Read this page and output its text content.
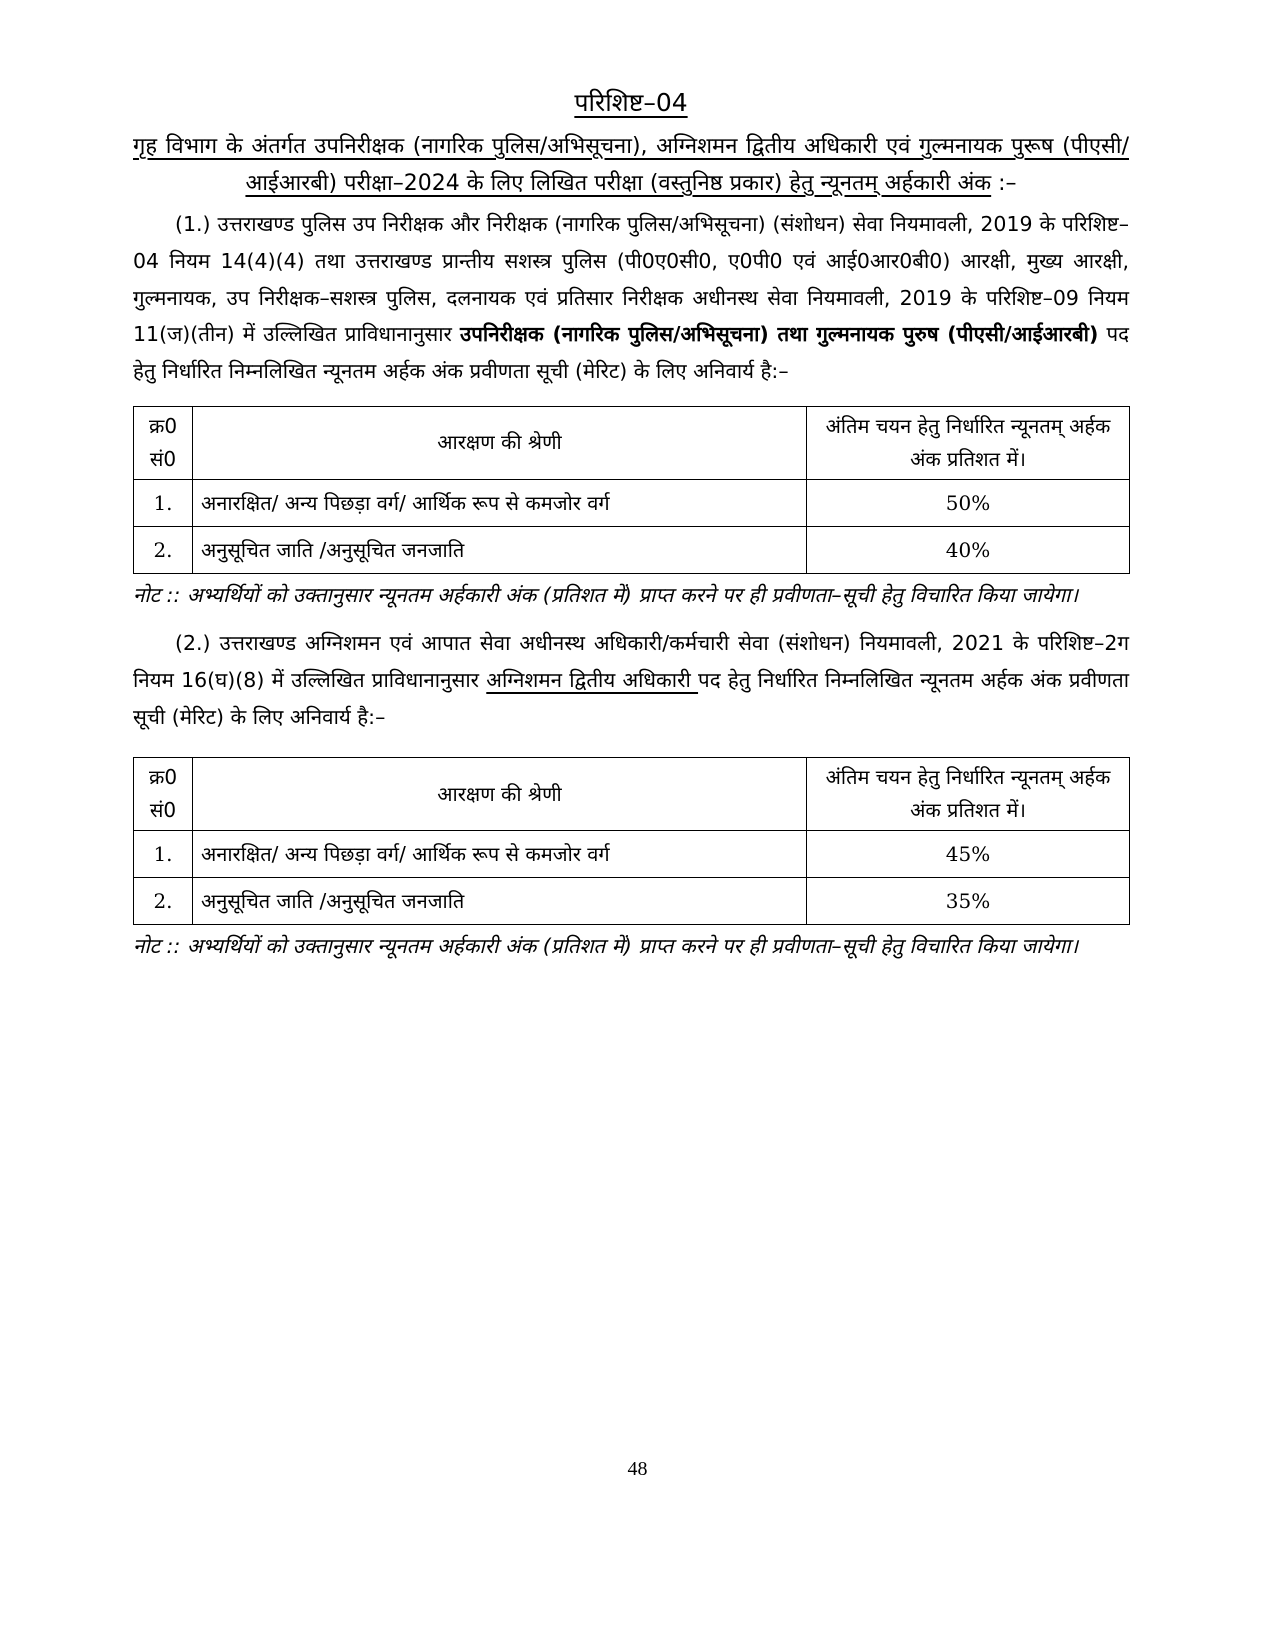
परिशिष्ट–04

गृह विभाग के अंतर्गत उपनिरीक्षक (नागरिक पुलिस/अभिसूचना), अग्निशमन द्वितीय अधिकारी एवं गुल्मनायक पुरूष (पीएसी/आईआरबी) परीक्षा–2024 के लिए लिखित परीक्षा (वस्तुनिष्ठ प्रकार) हेतु न्यूनतम् अर्हकारी अंक :–

(1.) उत्तराखण्ड पुलिस उप निरीक्षक और निरीक्षक (नागरिक पुलिस/अभिसूचना) (संशोधन) सेवा नियमावली, 2019 के परिशिष्ट–04 नियम 14(4)(4) तथा उत्तराखण्ड प्रान्तीय सशस्त्र पुलिस (पी0ए0सी0, ए0पी0 एवं आई0आर0बी0) आरक्षी, मुख्य आरक्षी, गुल्मनायक, उप निरीक्षक–सशस्त्र पुलिस, दलनायक एवं प्रतिसार निरीक्षक अधीनस्थ सेवा नियमावली, 2019 के परिशिष्ट–09 नियम 11(ज)(तीन) में उल्लिखित प्राविधानानुसार उपनिरीक्षक (नागरिक पुलिस/अभिसूचना) तथा गुल्मनायक पुरुष (पीएसी/आईआरबी) पद हेतु निर्धारित निम्नलिखित न्यूनतम अर्हक अंक प्रवीणता सूची (मेरिट) के लिए अनिवार्य है:–

क्र0 सं0	आरक्षण की श्रेणी	अंतिम चयन हेतु निर्धारित न्यूनतम् अर्हक अंक प्रतिशत में।
1.	अनारक्षित/ अन्य पिछड़ा वर्ग/ आर्थिक रूप से कमजोर वर्ग	50%
2.	अनुसूचित जाति /अनुसूचित जनजाति	40%

नोट :: अभ्यर्थियों को उक्तानुसार न्यूनतम अर्हकारी अंक (प्रतिशत में) प्राप्त करने पर ही प्रवीणता–सूची हेतु विचारित किया जायेगा।

(2.) उत्तराखण्ड अग्निशमन एवं आपात सेवा अधीनस्थ अधिकारी/कर्मचारी सेवा (संशोधन) नियमावली, 2021 के परिशिष्ट–2ग नियम 16(घ)(8) में उल्लिखित प्राविधानानुसार अग्निशमन द्वितीय अधिकारी पद हेतु निर्धारित निम्नलिखित न्यूनतम अर्हक अंक प्रवीणता सूची (मेरिट) के लिए अनिवार्य है:–

क्र0 सं0	आरक्षण की श्रेणी	अंतिम चयन हेतु निर्धारित न्यूनतम् अर्हक अंक प्रतिशत में।
1.	अनारक्षित/ अन्य पिछड़ा वर्ग/ आर्थिक रूप से कमजोर वर्ग	45%
2.	अनुसूचित जाति /अनुसूचित जनजाति	35%

नोट :: अभ्यर्थियों को उक्तानुसार न्यूनतम अर्हकारी अंक (प्रतिशत में) प्राप्त करने पर ही प्रवीणता–सूची हेतु विचारित किया जायेगा।

48
